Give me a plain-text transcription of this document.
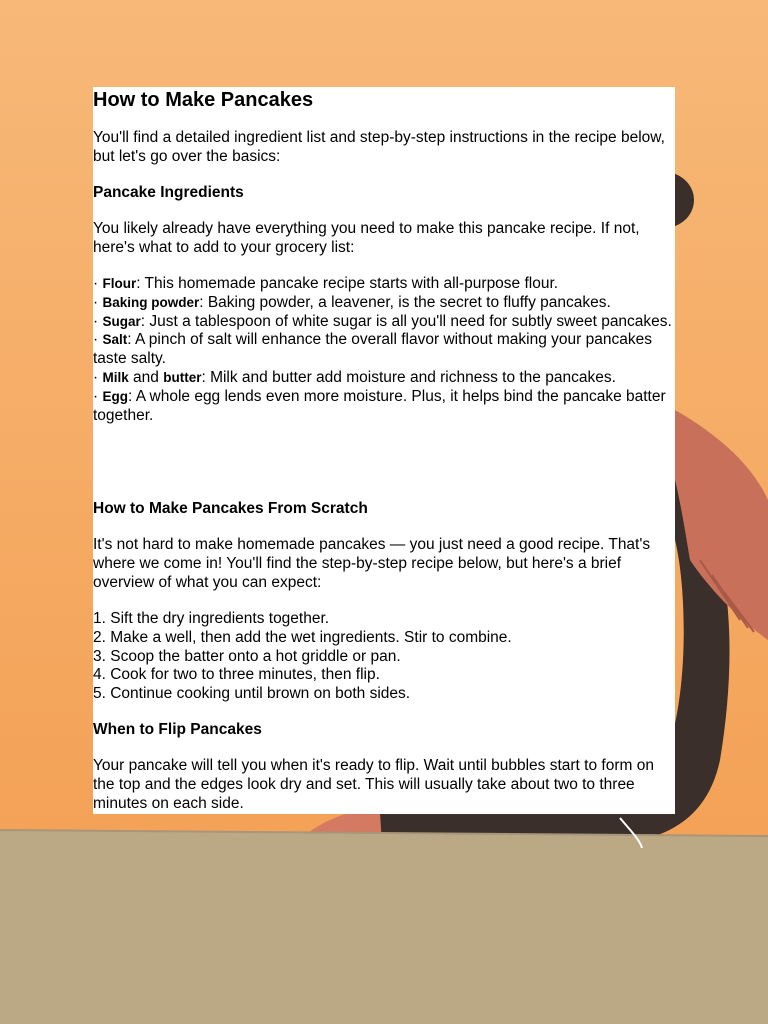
How to Make Pancakes

You'll find a detailed ingredient list and step-by-step instructions in the recipe below, but let's go over the basics:

Pancake Ingredients

You likely already have everything you need to make this pancake recipe. If not, here's what to add to your grocery list:

· Flour: This homemade pancake recipe starts with all-purpose flour.
· Baking powder: Baking powder, a leavener, is the secret to fluffy pancakes.
· Sugar: Just a tablespoon of white sugar is all you'll need for subtly sweet pancakes.
· Salt: A pinch of salt will enhance the overall flavor without making your pancakes taste salty.
· Milk and butter: Milk and butter add moisture and richness to the pancakes.
· Egg: A whole egg lends even more moisture. Plus, it helps bind the pancake batter together.

How to Make Pancakes From Scratch

It's not hard to make homemade pancakes — you just need a good recipe. That's where we come in! You'll find the step-by-step recipe below, but here's a brief overview of what you can expect:

1. Sift the dry ingredients together.
2. Make a well, then add the wet ingredients. Stir to combine.
3. Scoop the batter onto a hot griddle or pan.
4. Cook for two to three minutes, then flip.
5. Continue cooking until brown on both sides.

When to Flip Pancakes

Your pancake will tell you when it's ready to flip. Wait until bubbles start to form on the top and the edges look dry and set. This will usually take about two to three minutes on each side.
